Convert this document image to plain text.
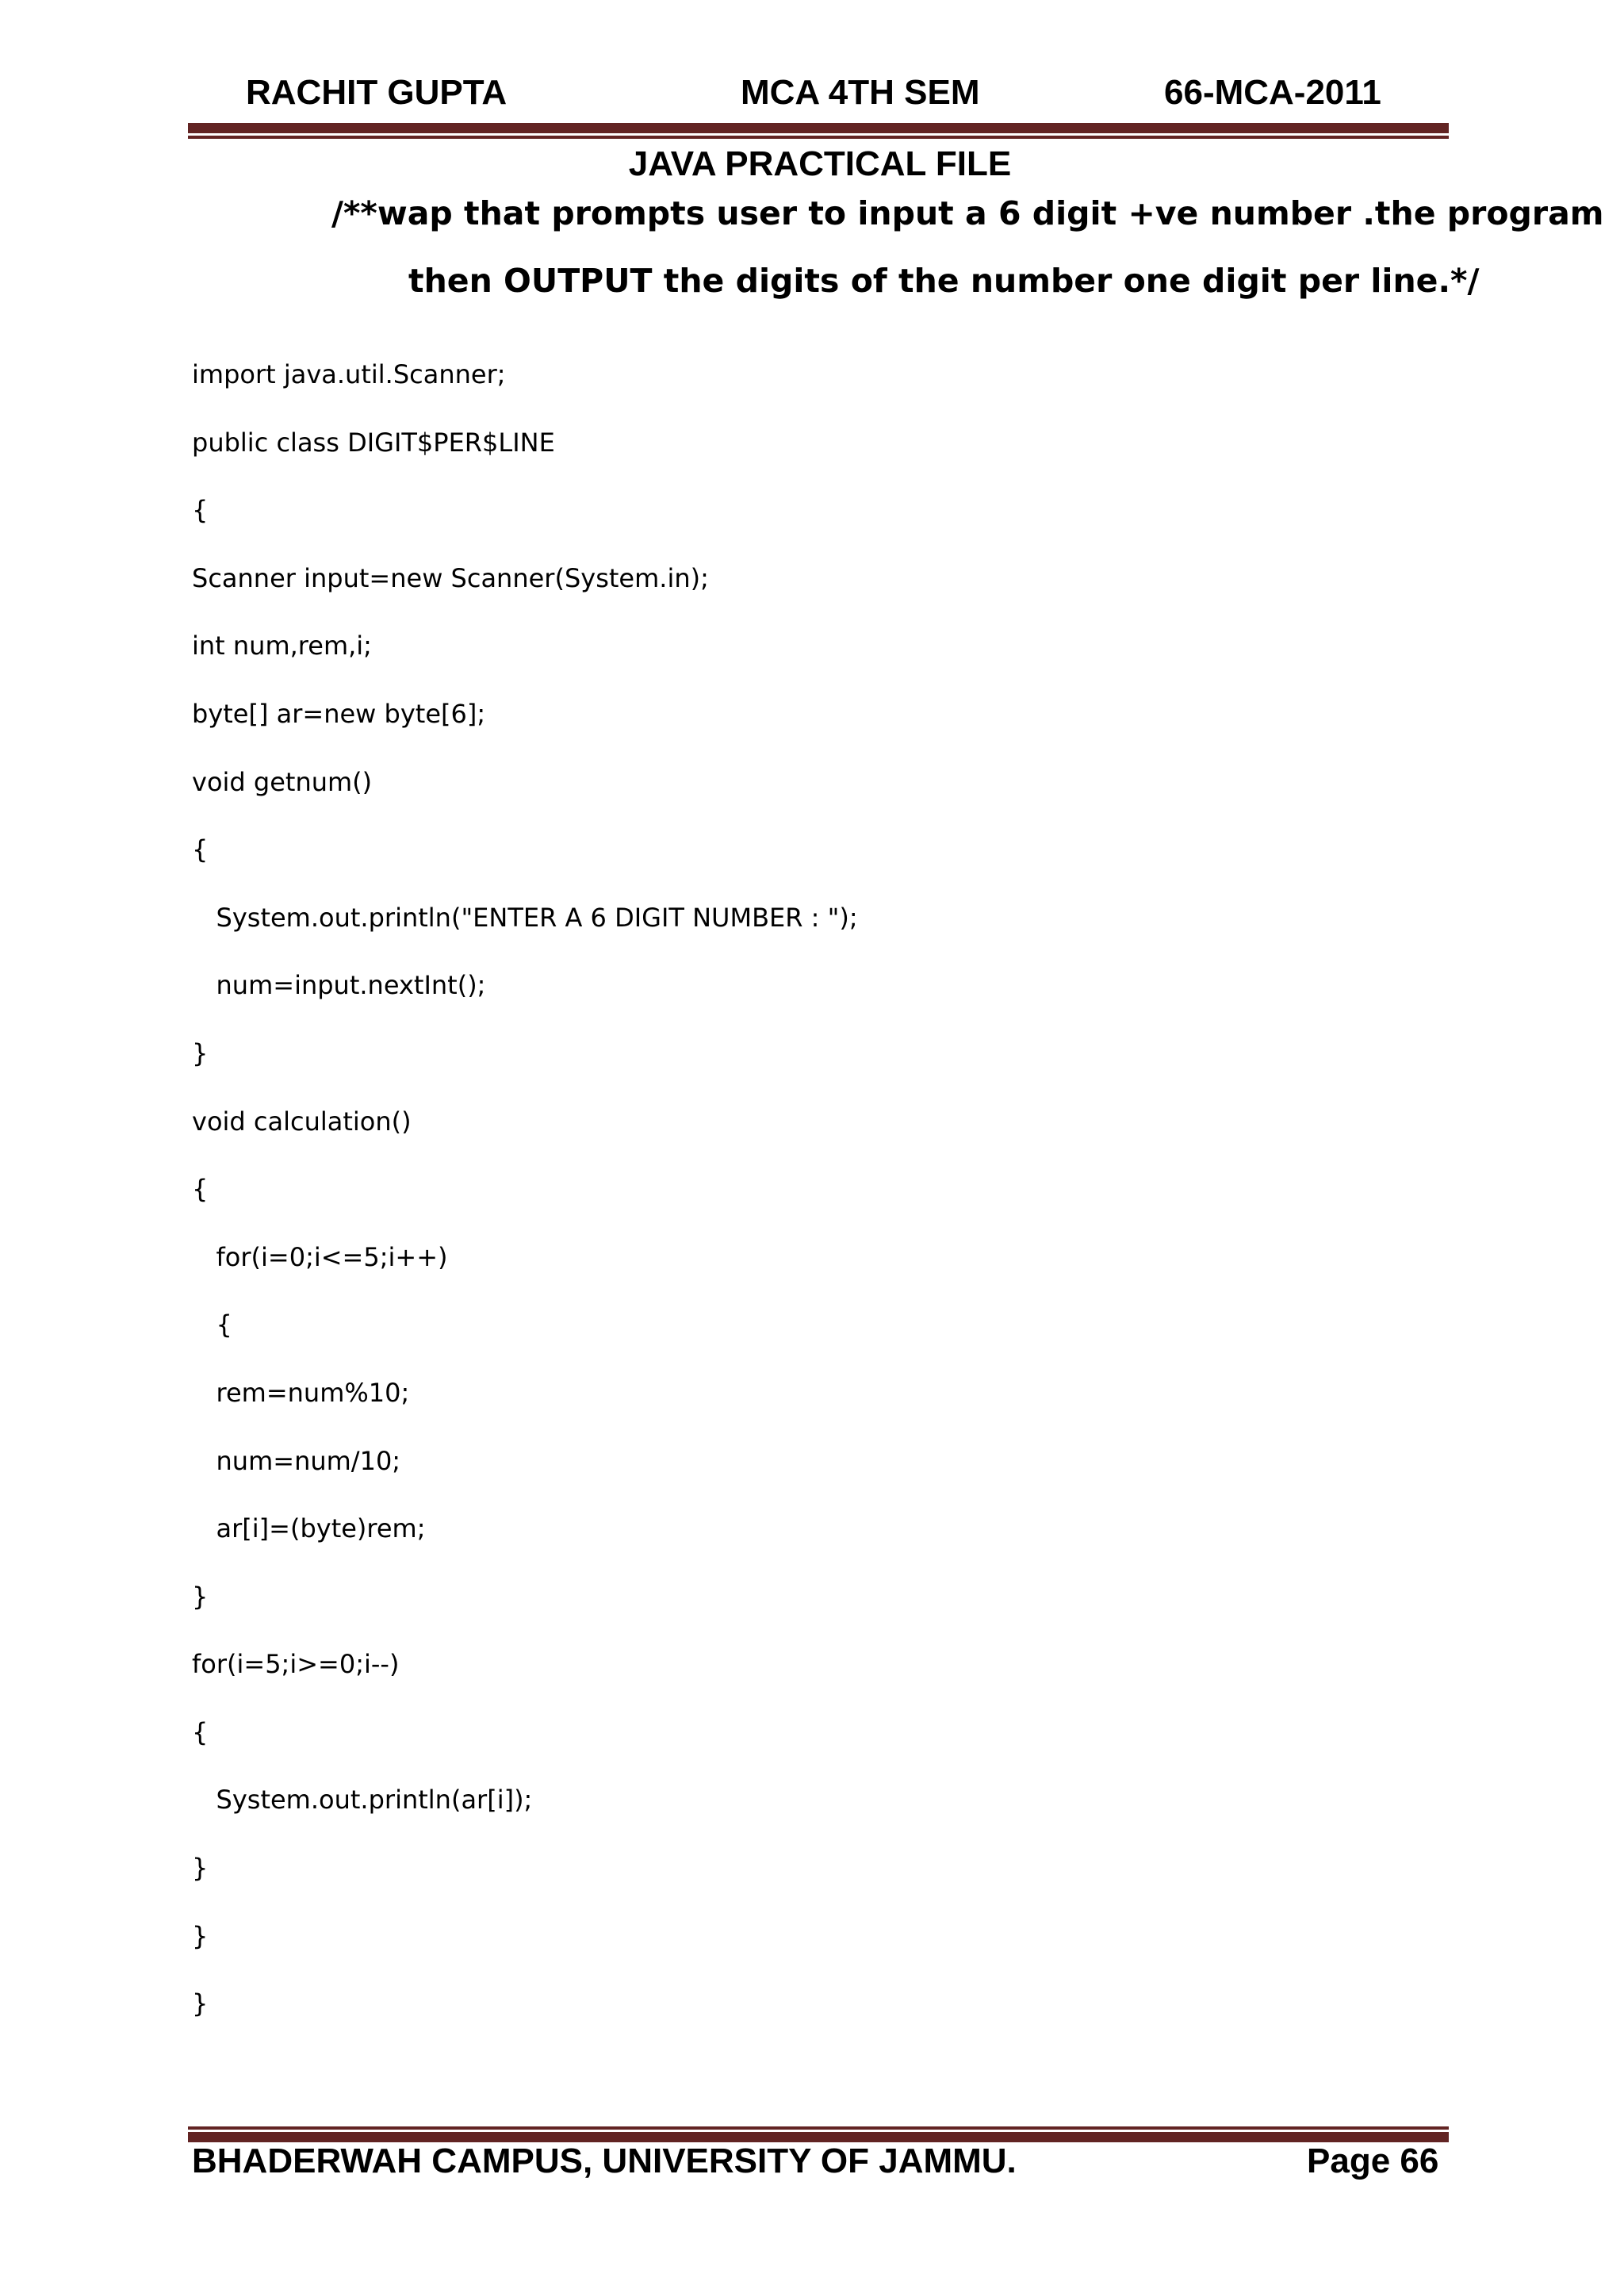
RACHIT GUPTA	MCA 4TH SEM	66-MCA-2011
JAVA PRACTICAL FILE
/**wap that prompts user to input a 6 digit +ve number .the program
then OUTPUT the digits of the number one digit per line.*/
import java.util.Scanner;
public class DIGIT$PER$LINE
{
Scanner input=new Scanner(System.in);
int num,rem,i;
byte[] ar=new byte[6];
void getnum()
{
System.out.println("ENTER A 6 DIGIT NUMBER : ");
num=input.nextInt();
}
void calculation()
{
for(i=0;i<=5;i++)
{
rem=num%10;
num=num/10;
ar[i]=(byte)rem;
}
for(i=5;i>=0;i--)
{
System.out.println(ar[i]);
}
}
}
BHADERWAH CAMPUS, UNIVERSITY OF JAMMU.	Page 66
